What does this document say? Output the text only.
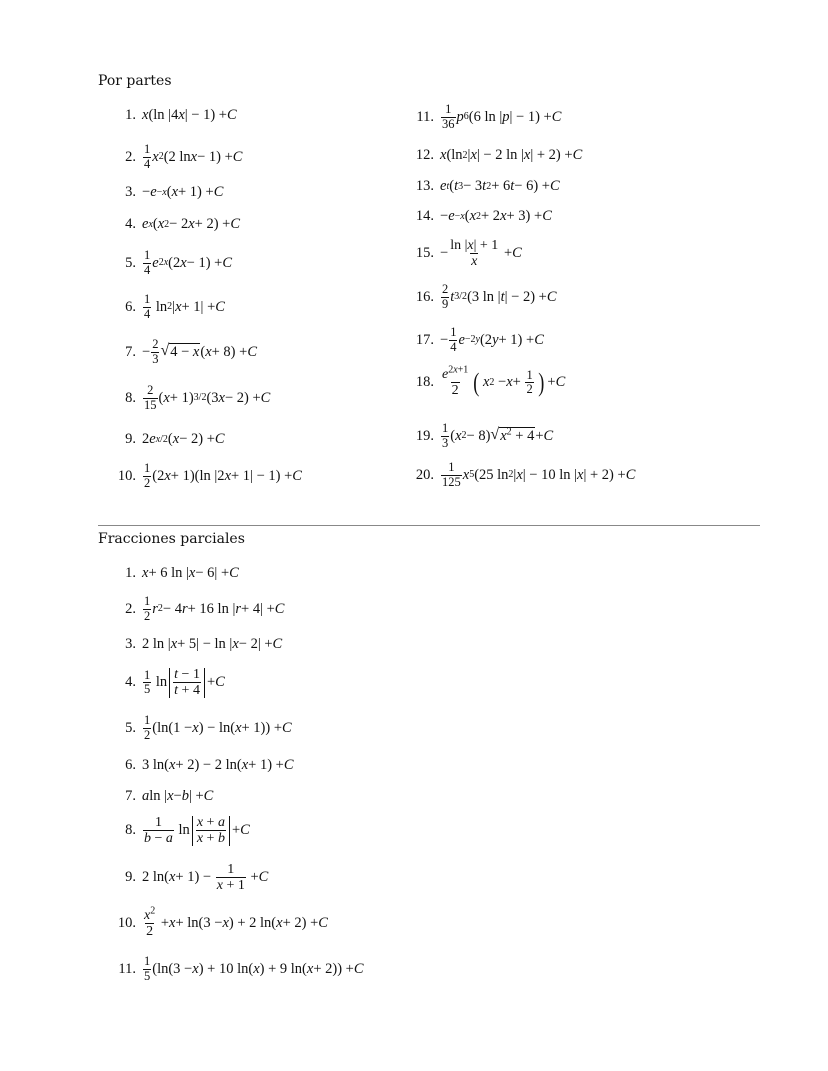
Por partes
1. x (ln |4 x | − 1) + C
2. $\frac{1}{4}$ x 2 (2 ln x − 1) + C
3. − e −x ( x + 1) + C
4. e x ( x 2 − 2 x + 2) + C
5. $\frac{1}{4}$ e 2x (2 x − 1) + C
6. $\frac{1}{4}$ ln 2 | x + 1| + C
7. − $\frac{2}{3}$ √ 4 − x ( x + 8) + C
8. $\frac{2}{15}$ ( x + 1) 3/2 (3 x − 2) + C
9. 2 e x/2 ( x − 2) + C
10. $\frac{1}{2} (2$ x + 1)(ln |2 x + 1| − 1) + C
11. $\frac{1}{36}$ p 6 (6 ln | p | − 1) + C
12. x (ln 2 | x | − 2 ln | x | + 2) + C
13. e t ( t 3 − 3 t 2 + 6 t − 6) + C
14. − e −x ( x 2 + 2 x + 3) + C
15. − $\frac{\ln |x| + 1}{x} + C$
16. $\frac{2}{9}$ t 3/2 (3 ln | t | − 2) + C
17. − $\frac{1}{4}$ e −2y (2 y + 1) + C
18. $\frac{e^{2x+1}}{2}$ ( x $2 - x + \frac{1}{2}$ ) + C
19. $\frac{1}{3}$ ( x 2 − 8) √ $x^2 + 4 + C$
20. $\frac{1}{125}$ x 5 (25 ln 2 | x | − 10 ln | x | + 2) + C
Fracciones parciales
1. x + 6 ln | x − 6| + C
2. $\frac{1}{2}$ r 2 − 4 r + 16 ln | r + 4| + C
3. 2 ln | x + 5| − ln | x − 2| + C
4. $\frac{1}{5}$ $\ln \frac{t - 1}{t + 4} + C$
5. $\frac{1}{2} (\ln(1 - x$ ) − ln( x + 1)) + C
6. 3 ln( x + 2) − 2 ln( x + 1) + C
7. a ln | x − b | + C
8. $\frac{1}{b - a}$ $\ln \frac{x + a}{x + b} + C$
9. 2 ln( $x + 1) - \frac{1}{x + 1} + C$
10. $\frac{x^2}{2} + x + \ln(3 - x$ ) + 2 ln( x + 2) + C
11. $\frac{1}{5} (\ln(3 - x$ ) + 10 ln( x ) + 9 ln( x + 2)) + C
